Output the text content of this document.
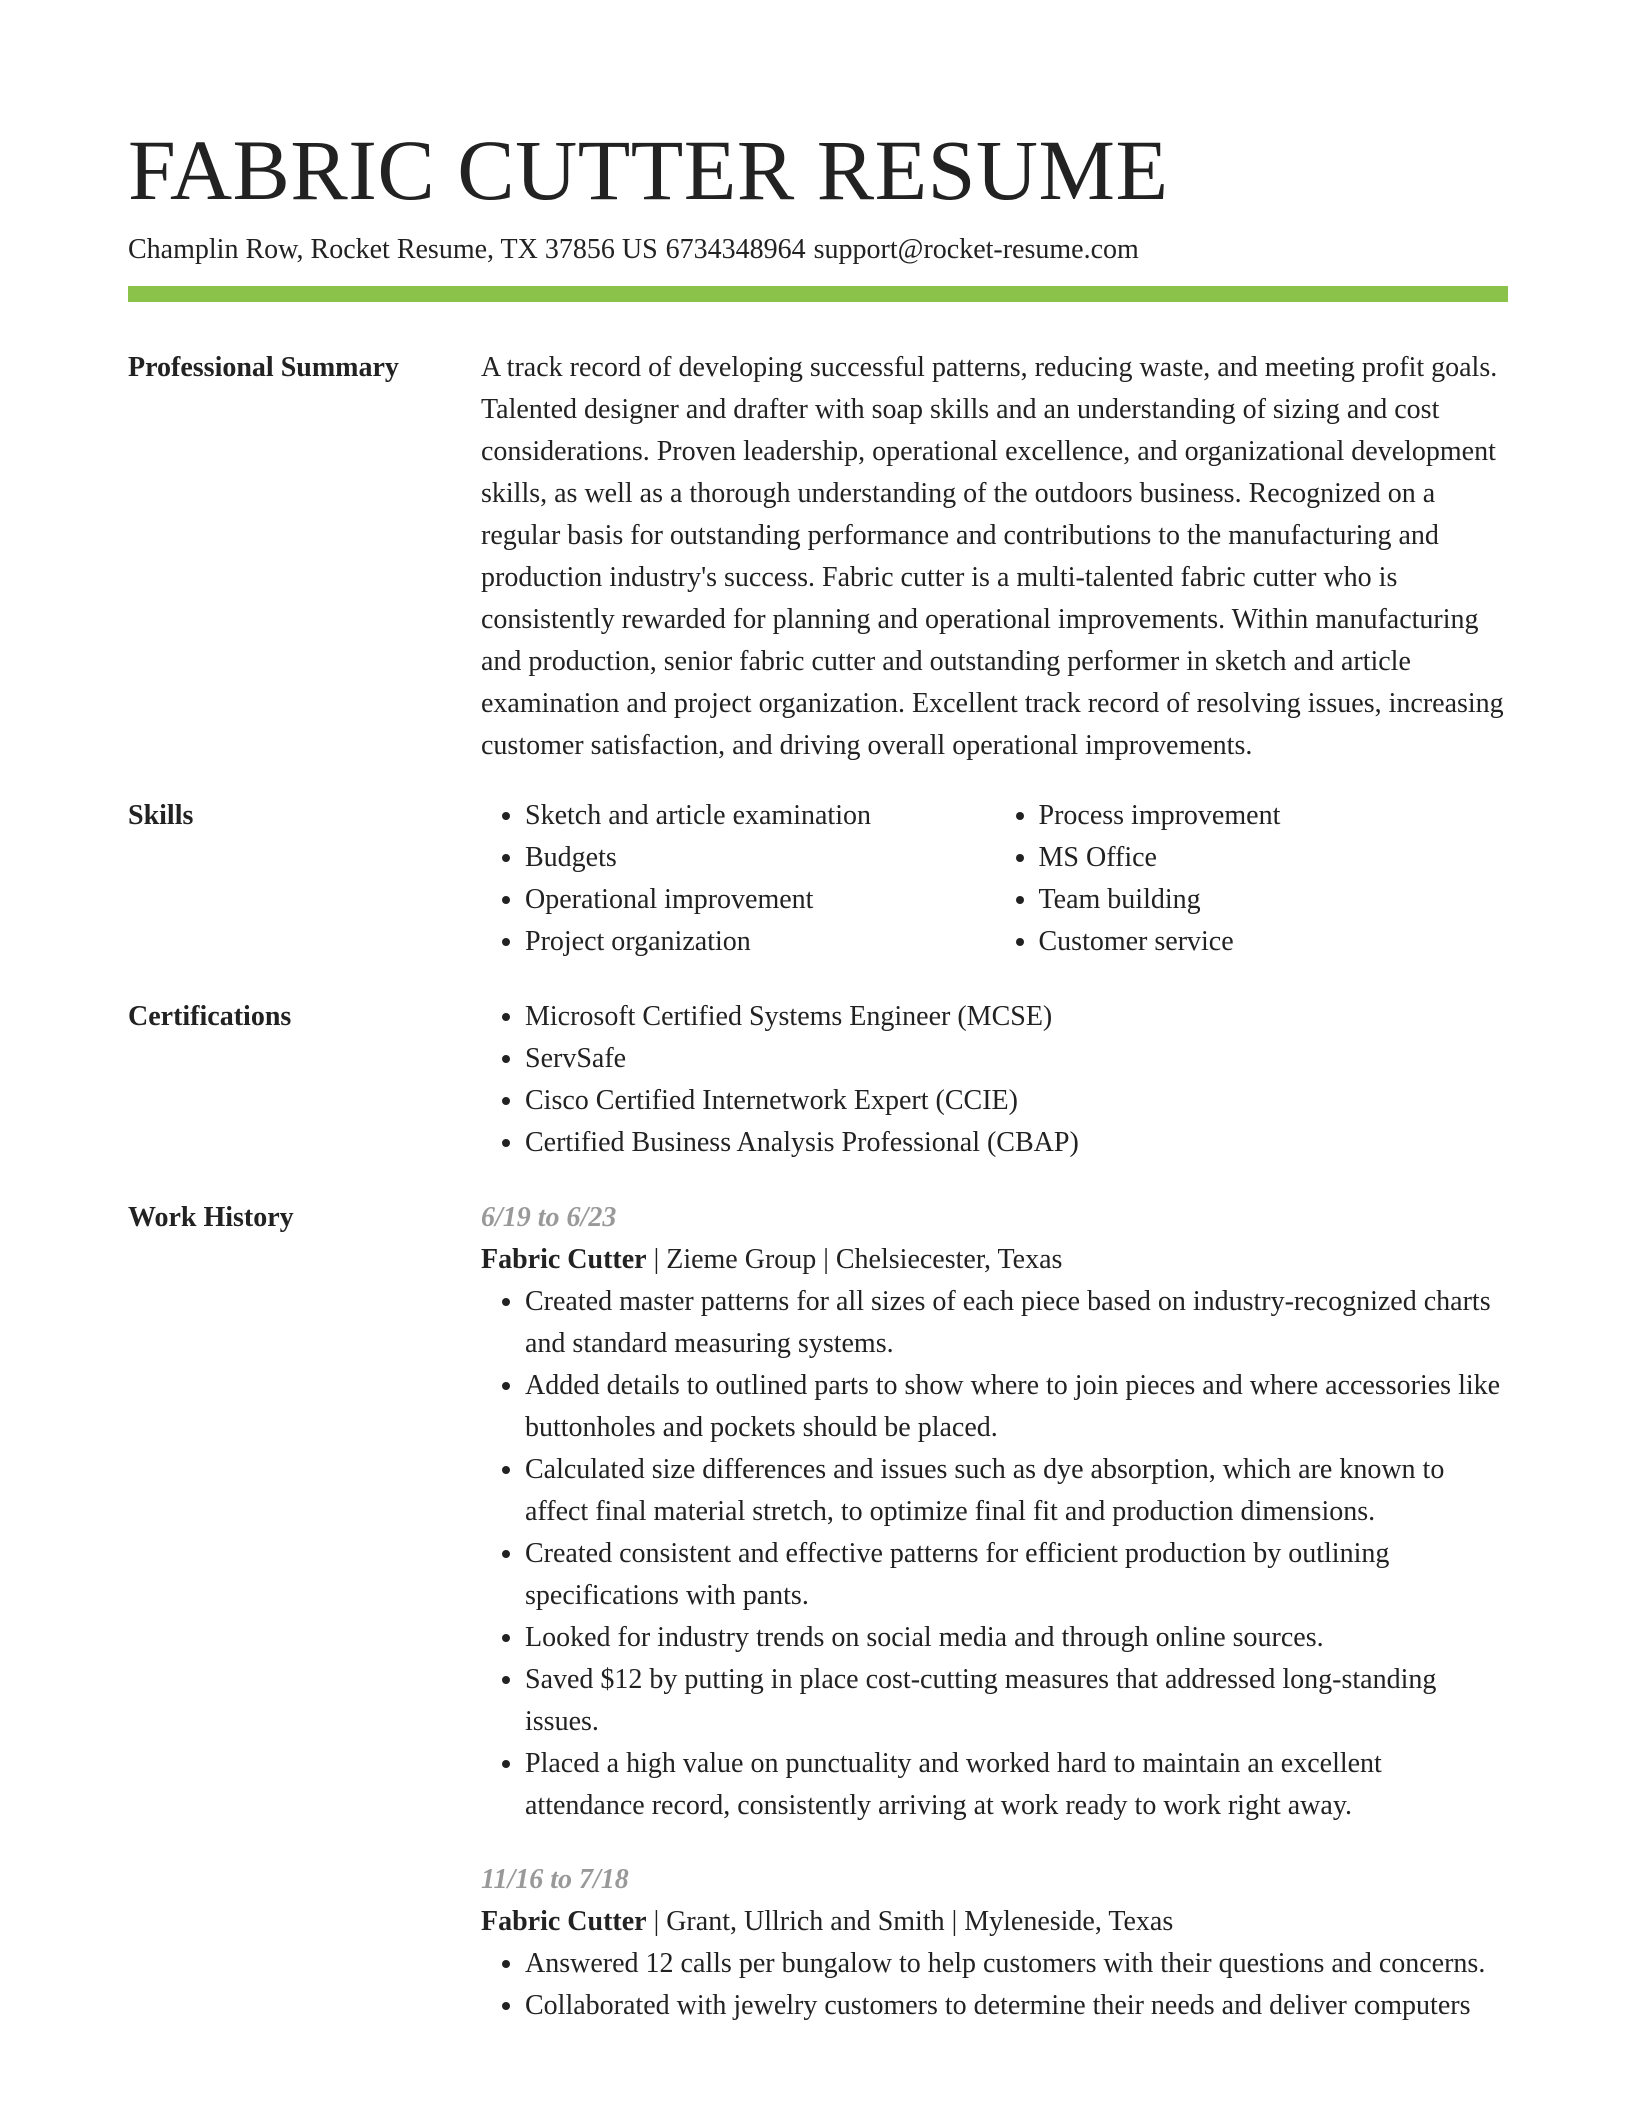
FABRIC CUTTER RESUME
Champlin Row, Rocket Resume, TX 37856 US 6734348964 support@rocket-resume.com
Professional Summary	A track record of developing successful patterns, reducing waste, and meeting profit goals. Talented designer and drafter with soap skills and an understanding of sizing and cost considerations. Proven leadership, operational excellence, and organizational development skills, as well as a thorough understanding of the outdoors business. Recognized on a regular basis for outstanding performance and contributions to the manufacturing and production industry's success. Fabric cutter is a multi-talented fabric cutter who is consistently rewarded for planning and operational improvements. Within manufacturing and production, senior fabric cutter and outstanding performer in sketch and article examination and project organization. Excellent track record of resolving issues, increasing customer satisfaction, and driving overall operational improvements.

Skills	• Sketch and article examination
• Budgets
• Operational improvement
• Project organization
• Process improvement
• MS Office
• Team building
• Customer service
Certifications	• Microsoft Certified Systems Engineer (MCSE)
• ServSafe
• Cisco Certified Internetwork Expert (CCIE)
• Certified Business Analysis Professional (CBAP)
Work History	6/19 to 6/23
Fabric Cutter | Zieme Group | Chelsiecester, Texas
• Created master patterns for all sizes of each piece based on industry-recognized charts and standard measuring systems.
• Added details to outlined parts to show where to join pieces and where accessories like buttonholes and pockets should be placed.
• Calculated size differences and issues such as dye absorption, which are known to affect final material stretch, to optimize final fit and production dimensions.
• Created consistent and effective patterns for efficient production by outlining specifications with pants.
• Looked for industry trends on social media and through online sources.
• Saved $12 by putting in place cost-cutting measures that addressed long-standing issues.
• Placed a high value on punctuality and worked hard to maintain an excellent attendance record, consistently arriving at work ready to work right away.
11/16 to 7/18
Fabric Cutter | Grant, Ullrich and Smith | Myleneside, Texas
• Answered 12 calls per bungalow to help customers with their questions and concerns.
• Collaborated with jewelry customers to determine their needs and deliver computers
